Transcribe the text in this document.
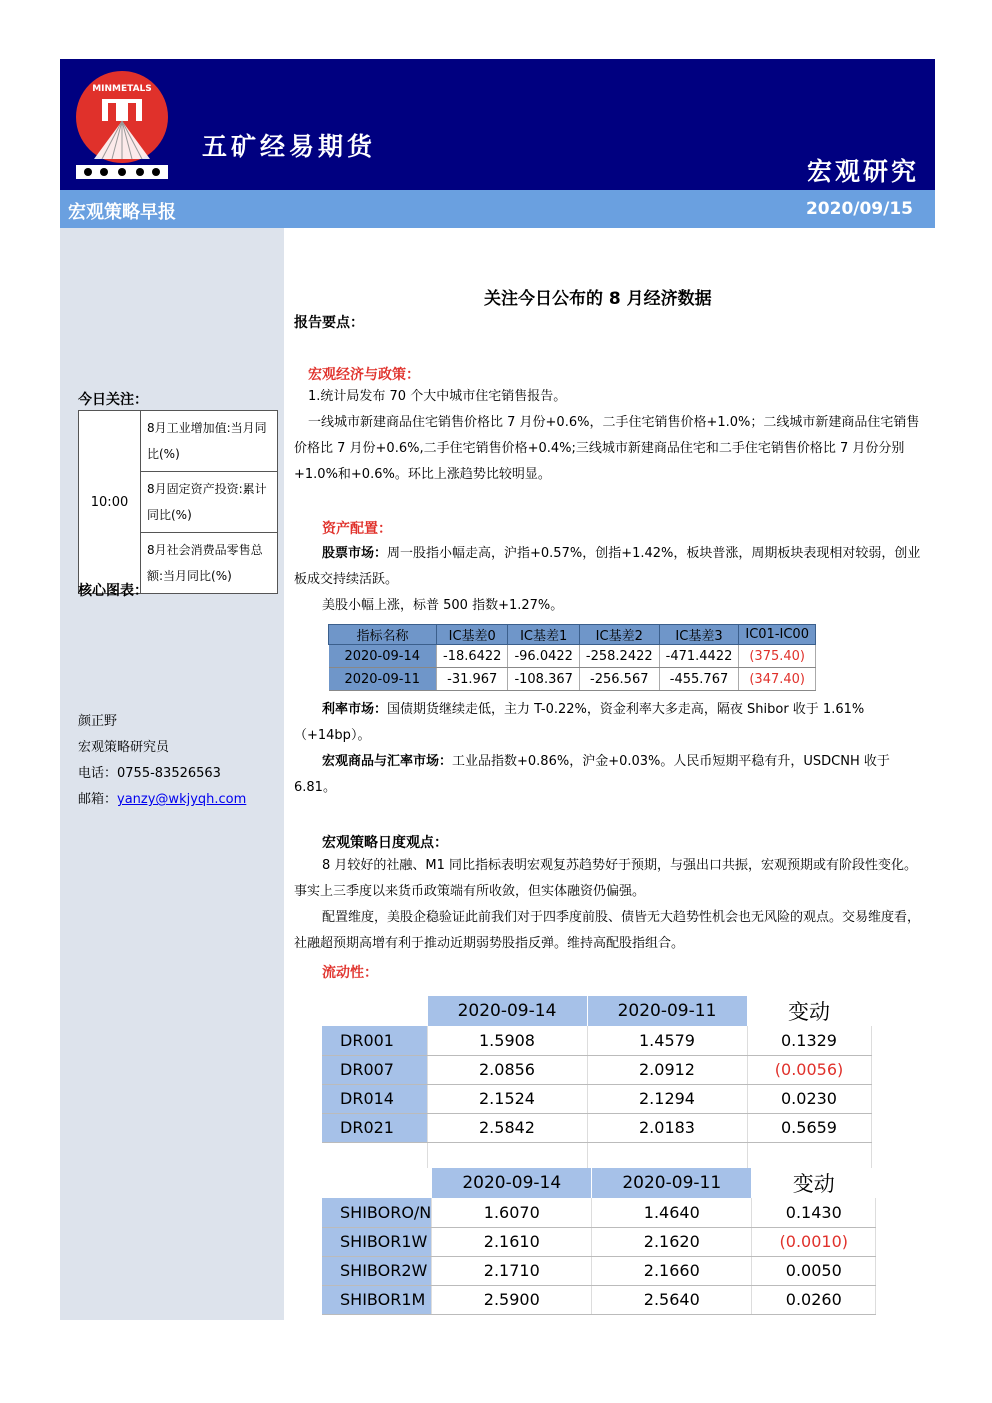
MINMETALS
五矿经易期货
宏观研究
宏观策略早报	2020/09/15
今日关注：
10:00	8月工业增加值:当月同比(%)
8月固定资产投资:累计同比(%)
8月社会消费品零售总额:当月同比(%)
核心图表：
颜正野
宏观策略研究员
电话：0755-83526563
邮箱：yanzy@wkjyqh.com
关注今日公布的 8 月经济数据
报告要点：
宏观经济与政策：
1.统计局发布 70 个大中城市住宅销售报告。
一线城市新建商品住宅销售价格比 7 月份+0.6%，二手住宅销售价格+1.0%；二线城市新建商品住宅销售价格比 7 月份+0.6%,二手住宅销售价格+0.4%;三线城市新建商品住宅和二手住宅销售价格比 7 月份分别+1.0%和+0.6%。环比上涨趋势比较明显。
资产配置：
股票市场：周一股指小幅走高，沪指+0.57%，创指+1.42%，板块普涨，周期板块表现相对较弱，创业板成交持续活跃。
美股小幅上涨，标普 500 指数+1.27%。
指标名称	IC基差0	IC基差1	IC基差2	IC基差3	IC01-IC00
2020-09-14	-18.6422	-96.0422	-258.2422	-471.4422	(375.40)
2020-09-11	-31.967	-108.367	-256.567	-455.767	(347.40)
利率市场：国债期货继续走低，主力 T-0.22%，资金利率大多走高，隔夜 Shibor 收于 1.61%（+14bp）。
宏观商品与汇率市场：工业品指数+0.86%，沪金+0.03%。人民币短期平稳有升，USDCNH 收于 6.81。
宏观策略日度观点：
8 月较好的社融、M1 同比指标表明宏观复苏趋势好于预期，与强出口共振，宏观预期或有阶段性变化。事实上三季度以来货币政策端有所收敛，但实体融资仍偏强。
配置维度，美股企稳验证此前我们对于四季度前股、债皆无大趋势性机会也无风险的观点。交易维度看，社融超预期高增有利于推动近期弱势股指反弹。维持高配股指组合。
流动性：
	2020-09-14	2020-09-11	变动
DR001	1.5908	1.4579	0.1329
DR007	2.0856	2.0912	(0.0056)
DR014	2.1524	2.1294	0.0230
DR021	2.5842	2.0183	0.5659

	2020-09-14	2020-09-11	变动
SHIBORO/N	1.6070	1.4640	0.1430
SHIBOR1W	2.1610	2.1620	(0.0010)
SHIBOR2W	2.1710	2.1660	0.0050
SHIBOR1M	2.5900	2.5640	0.0260
